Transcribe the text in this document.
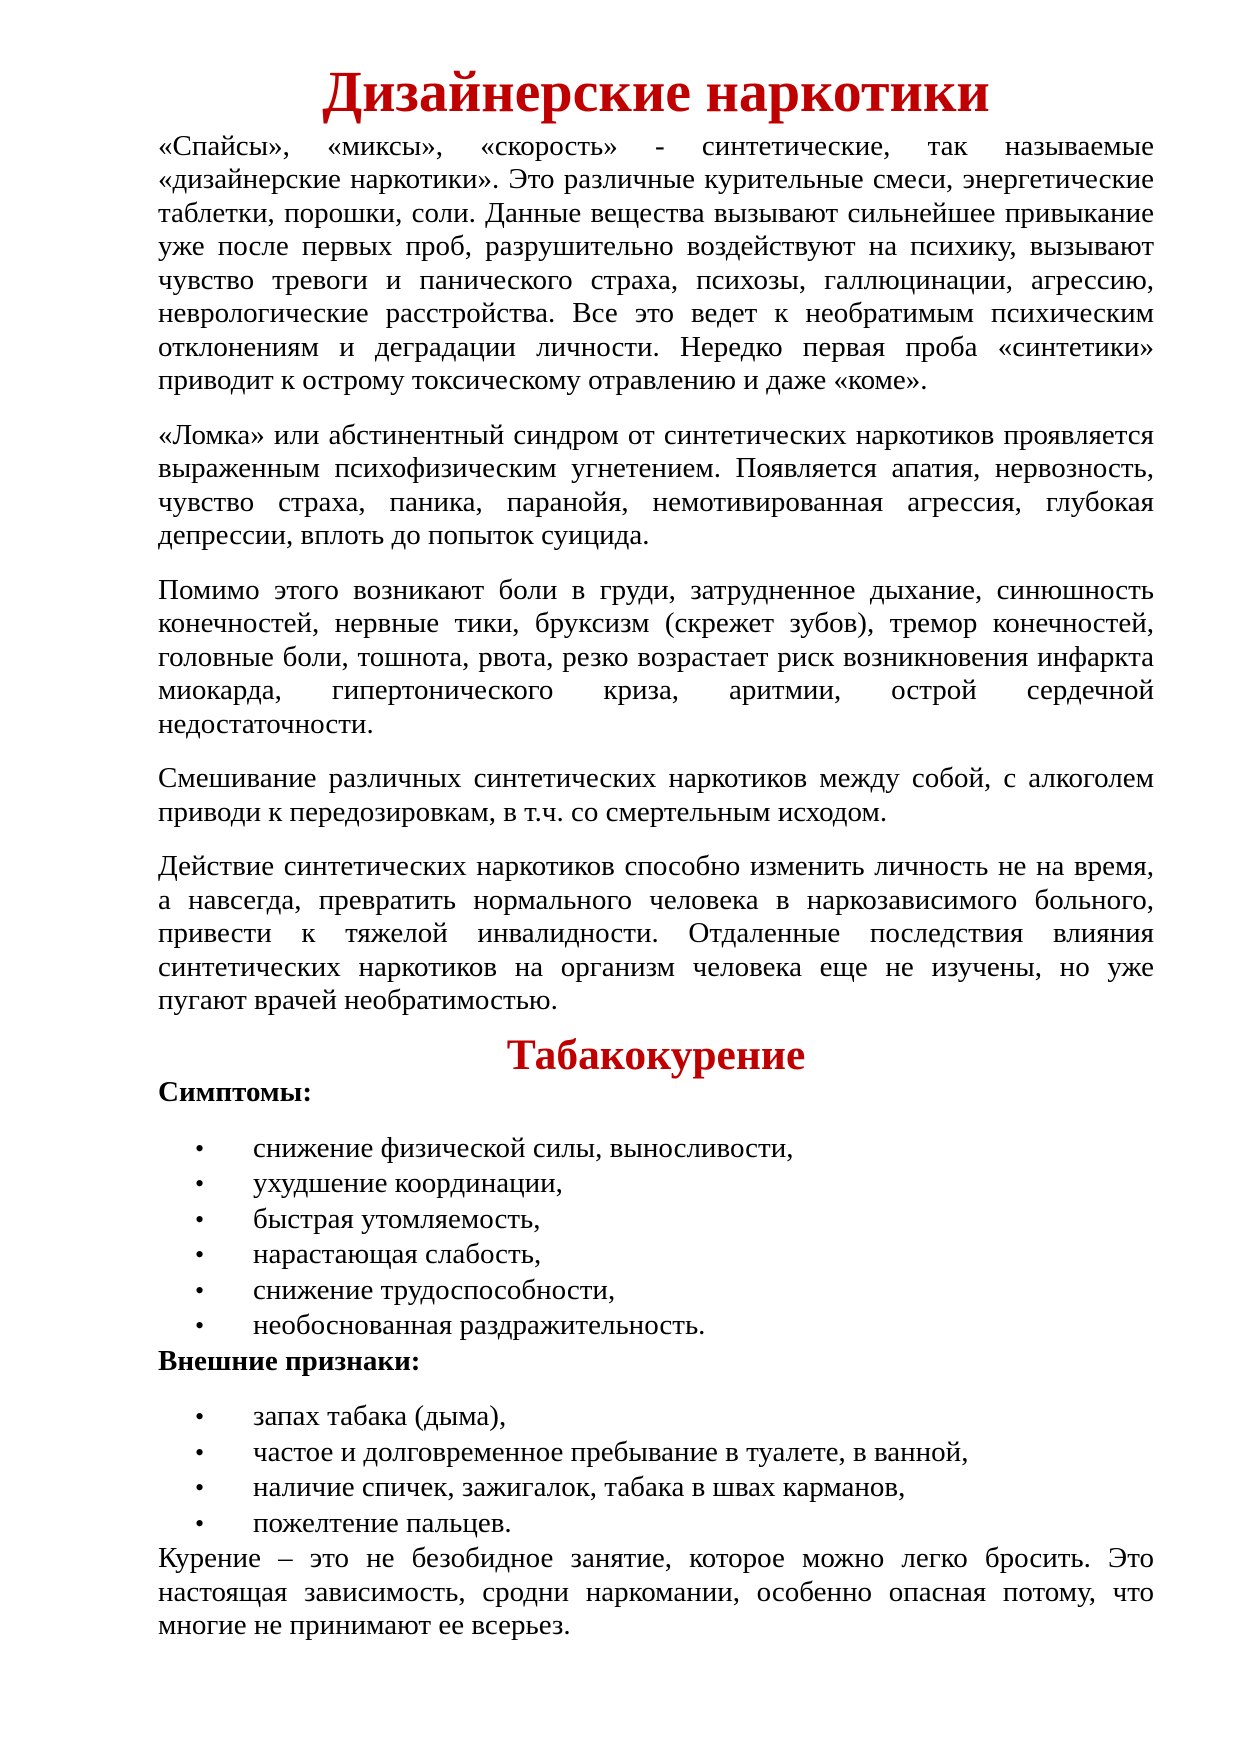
Дизайнерские наркотики

«Спайсы», «миксы», «скорость» - синтетические, так называемые «дизайнерские наркотики». Это различные курительные смеси, энергетические таблетки, порошки, соли. Данные вещества вызывают сильнейшее привыкание уже после первых проб, разрушительно воздействуют на психику, вызывают чувство тревоги и панического страха, психозы, галлюцинации, агрессию, неврологические расстройства. Все это ведет к необратимым психическим отклонениям и деградации личности. Нередко первая проба «синтетики» приводит к острому токсическому отравлению и даже «коме».

«Ломка» или абстинентный синдром от синтетических наркотиков проявляется выраженным психофизическим угнетением. Появляется апатия, нервозность, чувство страха, паника, паранойя, немотивированная агрессия, глубокая депрессии, вплоть до попыток суицида.

Помимо этого возникают боли в груди, затрудненное дыхание, синюшность конечностей, нервные тики, бруксизм (скрежет зубов), тремор конечностей, головные боли, тошнота, рвота, резко возрастает риск возникновения инфаркта миокарда, гипертонического криза, аритмии, острой сердечной недостаточности.

Смешивание различных синтетических наркотиков между собой, с алкоголем приводи к передозировкам, в т.ч. со смертельным исходом.

Действие синтетических наркотиков способно изменить личность не на время, а навсегда, превратить нормального человека в наркозависимого больного, привести к тяжелой инвалидности. Отдаленные последствия влияния синтетических наркотиков на организм человека еще не изучены, но уже пугают врачей необратимостью.

Табакокурение

Симптомы:

• снижение физической силы, выносливости,
• ухудшение координации,
• быстрая утомляемость,
• нарастающая слабость,
• снижение трудоспособности,
• необоснованная раздражительность.

Внешние признаки:

• запах табака (дыма),
• частое и долговременное пребывание в туалете, в ванной,
• наличие спичек, зажигалок, табака в швах карманов,
• пожелтение пальцев.

Курение – это не безобидное занятие, которое можно легко бросить. Это настоящая зависимость, сродни наркомании, особенно опасная потому, что многие не принимают ее всерьез.
